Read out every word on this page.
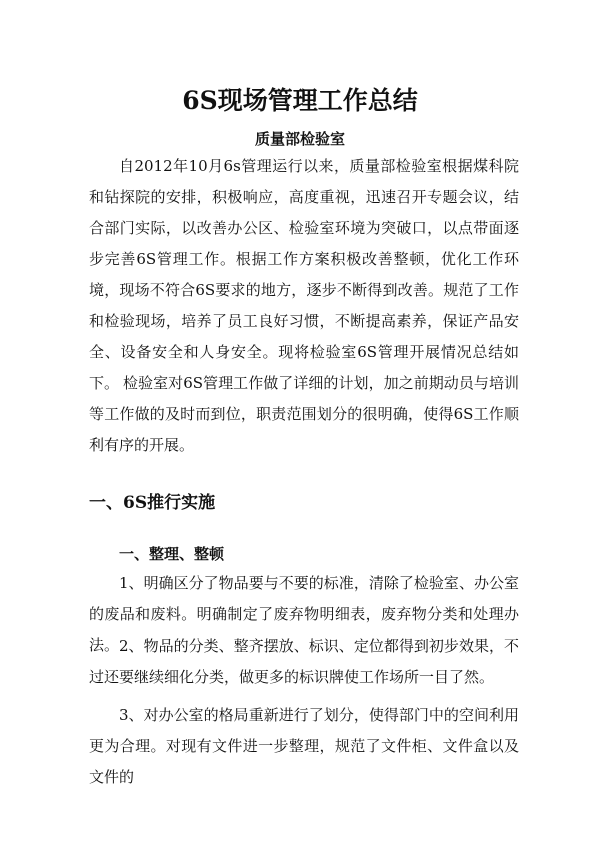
6S现场管理工作总结
质量部检验室

自2012年10月6s管理运行以来，质量部检验室根据煤科院和钻探院的安排，积极响应，高度重视，迅速召开专题会议，结合部门实际，以改善办公区、检验室环境为突破口，以点带面逐步完善6S管理工作。根据工作方案积极改善整顿，优化工作环境，现场不符合6S要求的地方，逐步不断得到改善。规范了工作和检验现场，培养了员工良好习惯，不断提高素养，保证产品安全、设备安全和人身安全。现将检验室6S管理开展情况总结如下。 检验室对6S管理工作做了详细的计划，加之前期动员与培训等工作做的及时而到位，职责范围划分的很明确，使得6S工作顺利有序的开展。

一、6S推行实施
一、整理、整顿

1、明确区分了物品要与不要的标准，清除了检验室、办公室的废品和废料。明确制定了废弃物明细表，废弃物分类和处理办法。 2、物品的分类、整齐摆放、标识、定位都得到初步效果，不过还要继续细化分类，做更多的标识牌使工作场所一目了然。

3、对办公室的格局重新进行了划分，使得部门中的空间利用更为合理。对现有文件进一步整理，规范了文件柜、文件盒以及文件的
